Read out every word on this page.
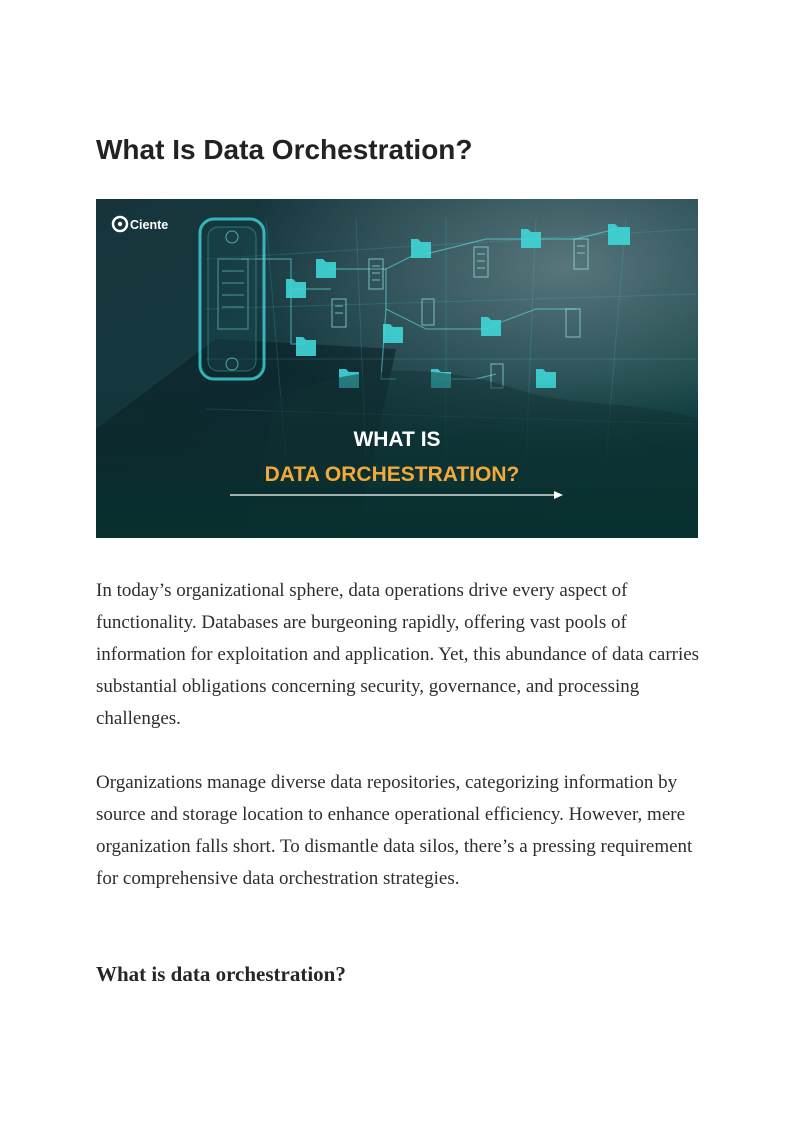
What Is Data Orchestration?
Ciente
WHAT IS
DATA ORCHESTRATION?

In today’s organizational sphere, data operations drive every aspect of functionality. Databases are burgeoning rapidly, offering vast pools of information for exploitation and application. Yet, this abundance of data carries substantial obligations concerning security, governance, and processing challenges.

Organizations manage diverse data repositories, categorizing information by source and storage location to enhance operational efficiency. However, mere organization falls short. To dismantle data silos, there’s a pressing requirement for comprehensive data orchestration strategies.

What is data orchestration?
